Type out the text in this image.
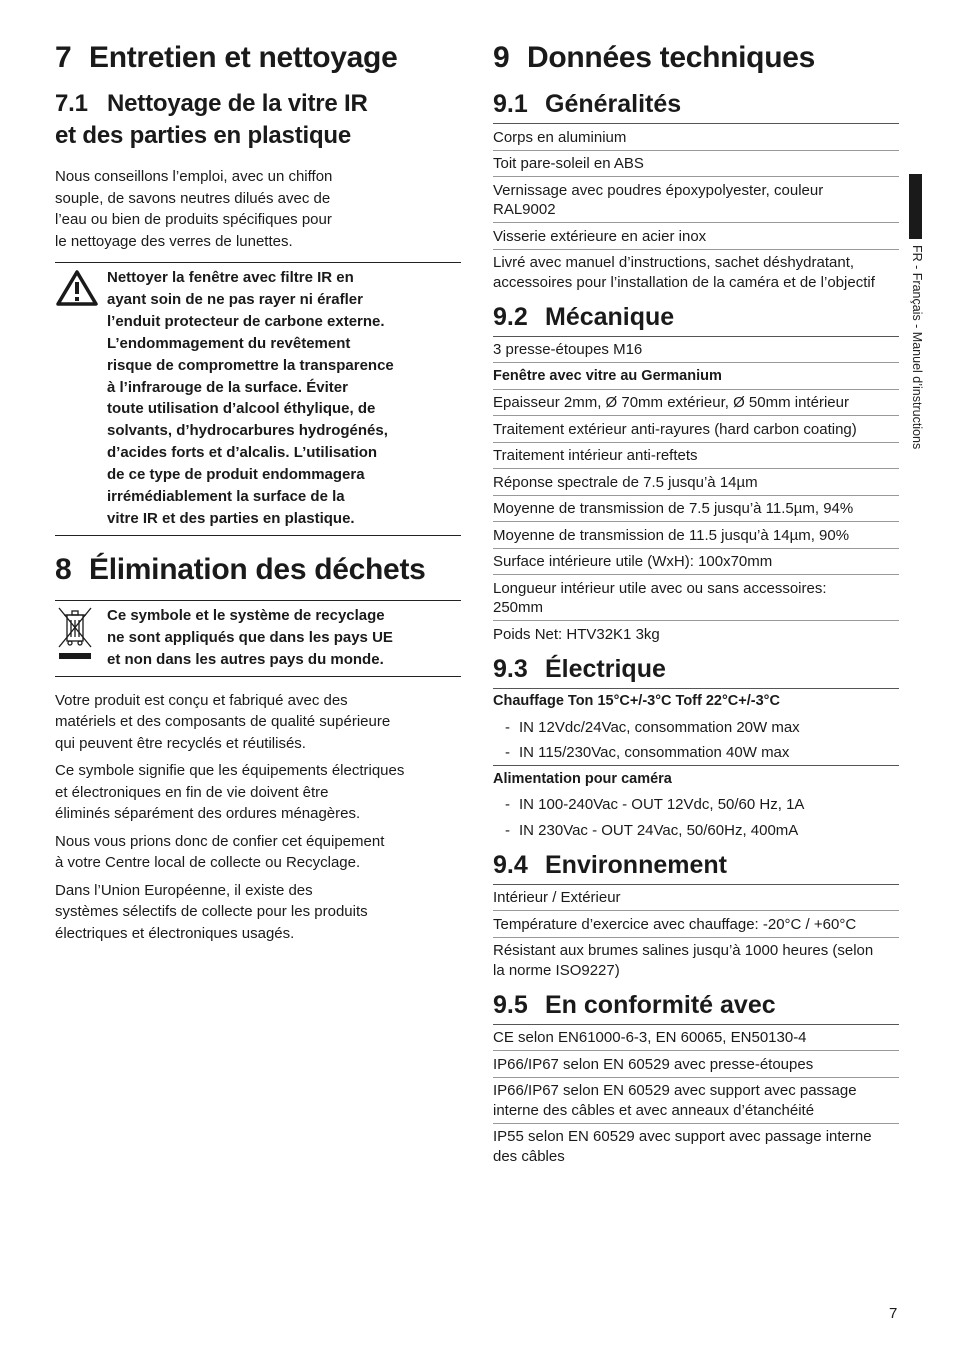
7 Entretien et nettoyage
7.1 Nettoyage de la vitre IR
et des parties en plastique

Nous conseillons l’emploi, avec un chiffon

souple, de savons neutres dilués avec de

l’eau ou bien de produits spécifiques pour

le nettoyage des verres de lunettes.

Nettoyer la fenêtre avec filtre IR en
ayant soin de ne pas rayer ni érafler
l’enduit protecteur de carbone externe.
L’endommagement du revêtement
risque de compromettre la transparence
à l’infrarouge de la surface. Éviter
toute utilisation d’alcool éthylique, de
solvants, d’hydrocarbures hydrogénés,
d’acides forts et d’alcalis. L’utilisation
de ce type de produit endommagera
irrémédiablement la surface de la
vitre IR et des parties en plastique.
8 Élimination des déchets
Ce symbole et le système de recyclage
ne sont appliqués que dans les pays UE
et non dans les autres pays du monde.

Votre produit est conçu et fabriqué avec des

matériels et des composants de qualité supérieure

qui peuvent être recyclés et réutilisés.

Ce symbole signifie que les équipements électriques

et électroniques en fin de vie doivent être

éliminés séparément des ordures ménagères.

Nous vous prions donc de confier cet équipement

à votre Centre local de collecte ou Recyclage.

Dans l’Union Européenne, il existe des

systèmes sélectifs de collecte pour les produits

électriques et électroniques usagés.

9 Données techniques
9.1 Généralités
Corps en aluminium
Toit pare-soleil en ABS
Vernissage avec poudres époxypolyester, couleur
RAL9002
Visserie extérieure en acier inox
Livré avec manuel d’instructions, sachet déshydratant,
accessoires pour l’installation de la caméra et de l’objectif
9.2 Mécanique
3 presse-étoupes M16
Fenêtre avec vitre au Germanium
Epaisseur 2mm, Ø 70mm extérieur, Ø 50mm intérieur
Traitement extérieur anti-rayures (hard carbon coating)
Traitement intérieur anti-reftets
Réponse spectrale de 7.5 jusqu’à 14µm
Moyenne de transmission de 7.5 jusqu’à 11.5µm, 94%
Moyenne de transmission de 11.5 jusqu’à 14µm, 90%
Surface intérieure utile (WxH): 100x70mm
Longueur intérieur utile avec ou sans accessoires:
250mm
Poids Net: HTV32K1 3kg
9.3 Électrique
Chauffage Ton 15°C+/-3°C Toff 22°C+/-3°C
- IN 12Vdc/24Vac, consommation 20W max
- IN 115/230Vac, consommation 40W max
Alimentation pour caméra
- IN 100-240Vac - OUT 12Vdc, 50/60 Hz, 1A
- IN 230Vac - OUT 24Vac, 50/60Hz, 400mA
9.4 Environnement
Intérieur / Extérieur
Température d’exercice avec chauffage: -20°C / +60°C
Résistant aux brumes salines jusqu’à 1000 heures (selon
la norme ISO9227)
9.5 En conformité avec
CE selon EN61000-6-3, EN 60065, EN50130-4
IP66/IP67 selon EN 60529 avec presse-étoupes
IP66/IP67 selon EN 60529 avec support avec passage
interne des câbles et avec anneaux d’étanchéité
IP55 selon EN 60529 avec support avec passage interne
des câbles
FR - Français - Manuel d’instructions
7
